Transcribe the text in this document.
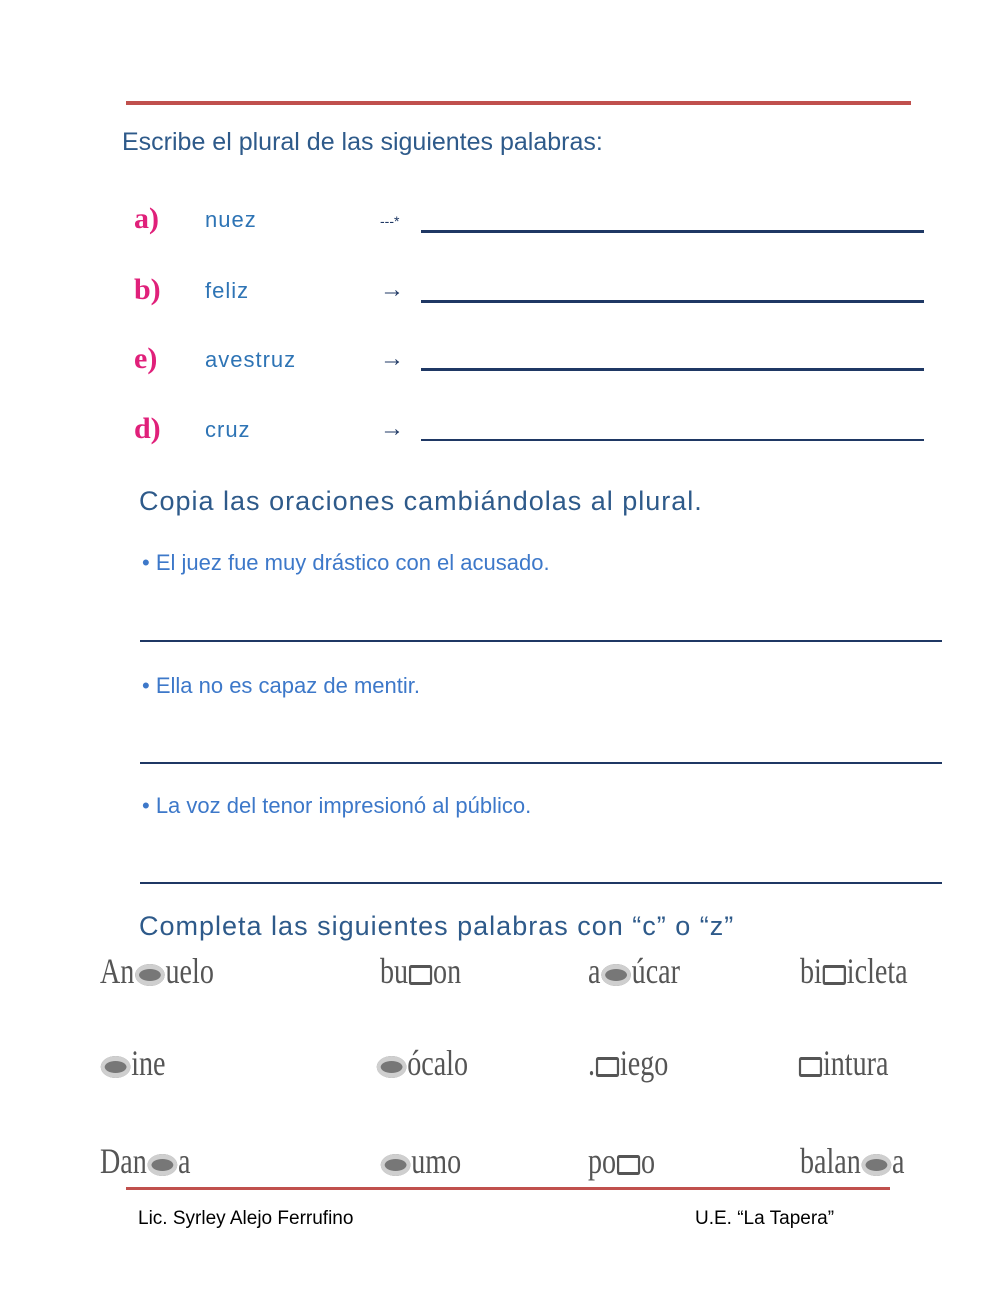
Escribe el plural de las siguientes palabras:
a) nuez	---*
b) feliz	→
e) avestruz	→
d) cruz	→
Copia las oraciones cambiándolas al plural.
• El juez fue muy drástico con el acusado.
• Ella no es capaz de mentir.
• La voz del tenor impresionó al público.
Completa las siguientes palabras con “c” o “z”
An uelo	bu on	a úcar	bi icleta
ine	ócalo	. iego	intura
Dan a	umo	po o	balan a
Lic. Syrley Alejo Ferrufino	U.E. “La Tapera”
